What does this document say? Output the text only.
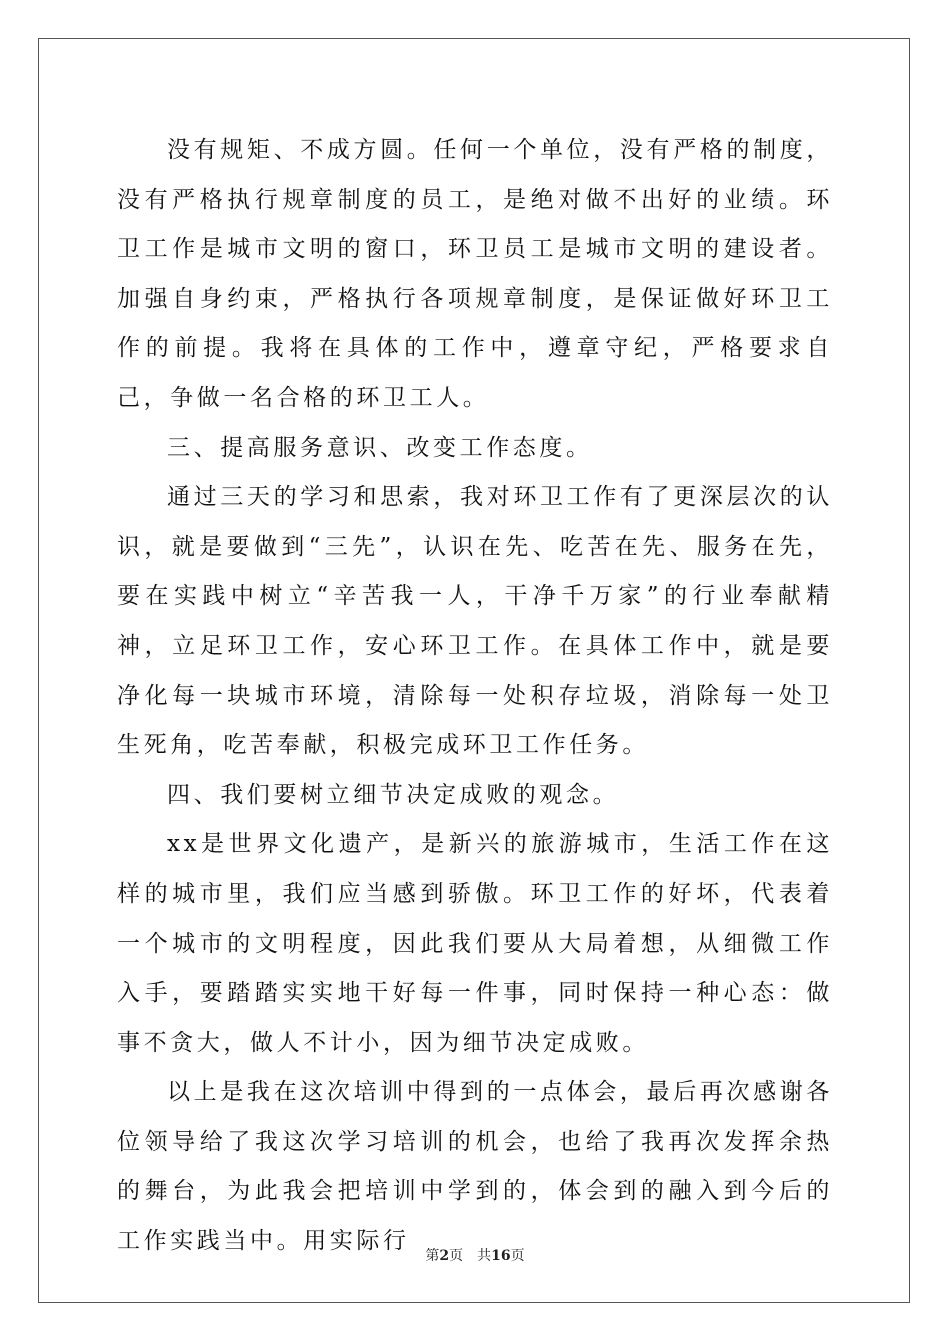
没有规矩、不成方圆。任何一个单位，没有严格的制度，没有严格执行规章制度的员工，是绝对做不出好的业绩。环卫工作是城市文明的窗口，环卫员工是城市文明的建设者。加强自身约束，严格执行各项规章制度，是保证做好环卫工作的前提。我将在具体的工作中，遵章守纪，严格要求自己，争做一名合格的环卫工人。

三、提高服务意识、改变工作态度。

通过三天的学习和思索，我对环卫工作有了更深层次的认识，就是要做到“三先”，认识在先、吃苦在先、服务在先， 要在实践中树立“辛苦我一人，干净千万家”的行业奉献精神，立足环卫工作，安心环卫工作。在具体工作中，就是要净化每一块城市环境，清除每一处积存垃圾，消除每一处卫生死角，吃苦奉献，积极完成环卫工作任务。

四、我们要树立细节决定成败的观念。

xx是世界文化遗产，是新兴的旅游城市，生活工作在这样的城市里，我们应当感到骄傲。环卫工作的好坏，代表着一个城市的文明程度，因此我们要从大局着想，从细微工作入手，要踏踏实实地干好每一件事，同时保持一种心态：做事不贪大，做人不计小，因为细节决定成败。

以上是我在这次培训中得到的一点体会，最后再次感谢各位领导给了我这次学习培训的机会，也给了我再次发挥余热的舞台，为此我会把培训中学到的，体会到的融入到今后的工作实践当中。用实际行

第2页 共16页
